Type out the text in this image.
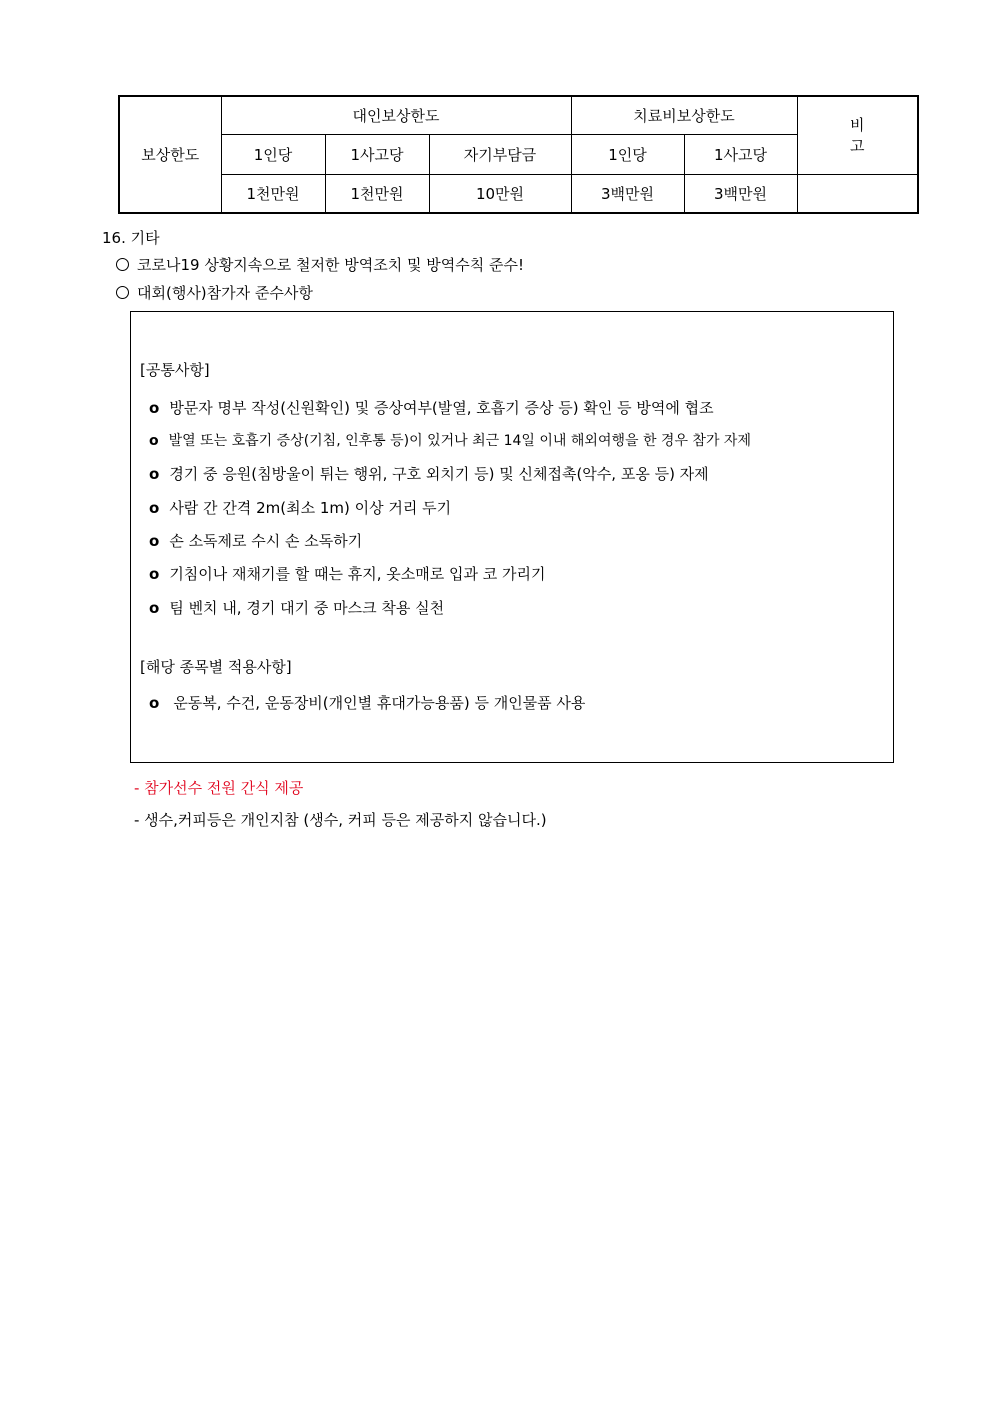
보상한도	대인보상한도			치료비보상한도		비 고
	1인당	1사고당	자기부담금	1인당	1사고당	
	1천만원	1천만원	10만원	3백만원	3백만원	
16. 기타
코로나19 상황지속으로 철저한 방역조치 및 방역수칙 준수!
대회(행사)참가자 준수사항
[공통사항]
o 방문자 명부 작성(신원확인) 및 증상여부(발열, 호흡기 증상 등) 확인 등 방역에 협조
o 발열 또는 호흡기 증상(기침, 인후통 등)이 있거나 최근 14일 이내 해외여행을 한 경우 참가 자제
o 경기 중 응원(침방울이 튀는 행위, 구호 외치기 등) 및 신체접촉(악수, 포옹 등) 자제
o 사람 간 간격 2m(최소 1m) 이상 거리 두기
o 손 소독제로 수시 손 소독하기
o 기침이나 재채기를 할 때는 휴지, 옷소매로 입과 코 가리기
o 팀 벤치 내, 경기 대기 중 마스크 착용 실천
[해당 종목별 적용사항]
o 운동복, 수건, 운동장비(개인별 휴대가능용품) 등 개인물품 사용
- 참가선수 전원 간식 제공
- 생수,커피등은 개인지참 (생수, 커피 등은 제공하지 않습니다.)
